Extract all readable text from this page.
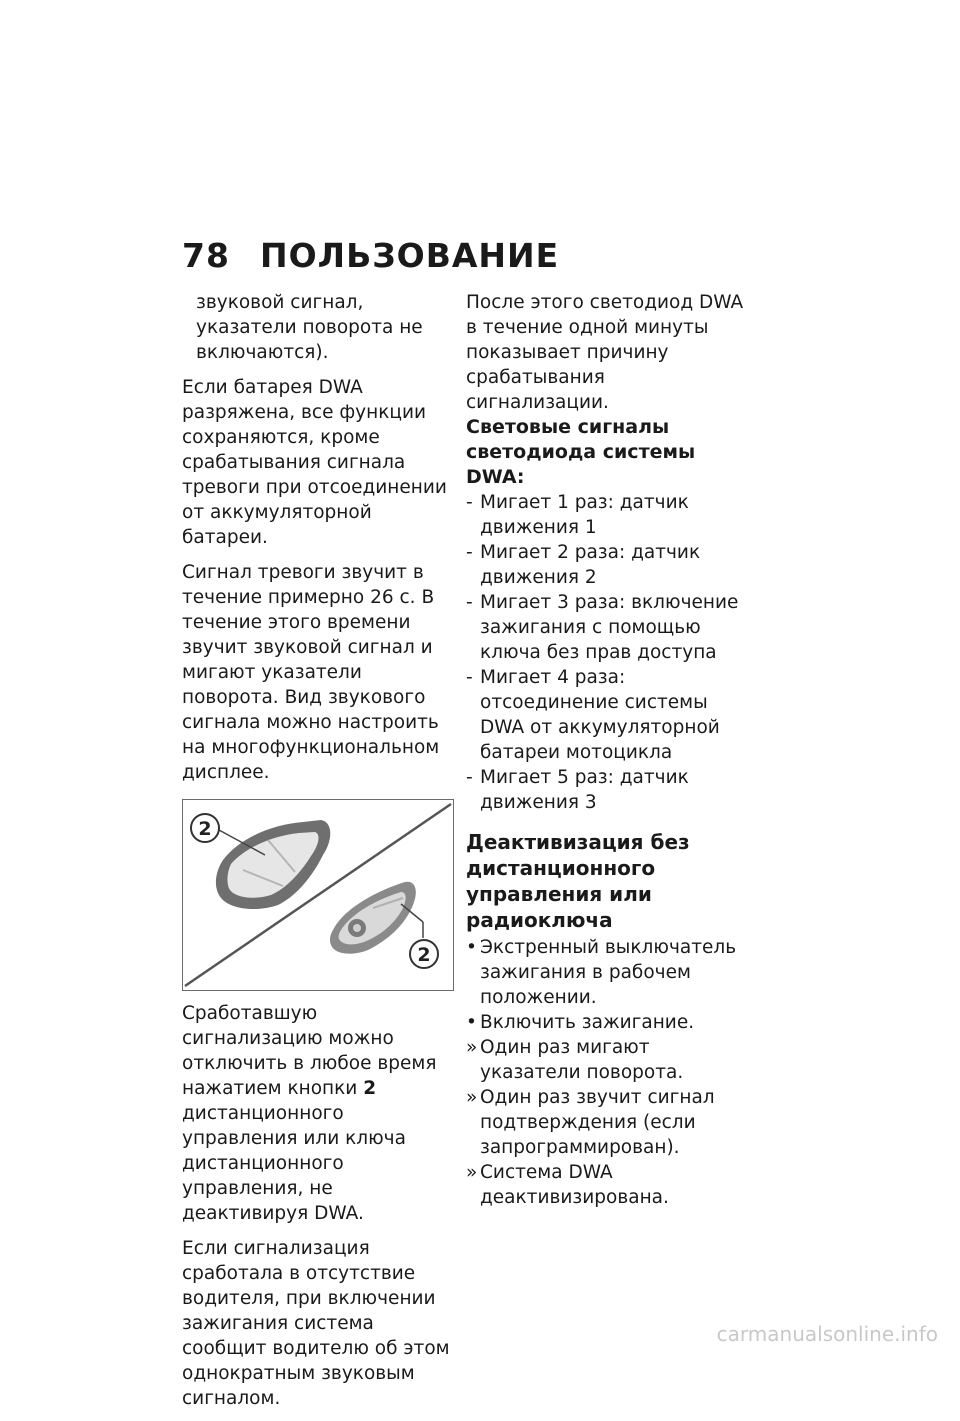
78 ПОЛЬЗОВАНИЕ

звуковой сигнал, указатели поворота не включаются).

Если батарея DWA разряжена, все функции сохраняются, кроме срабатывания сигнала тревоги при отсоединении от аккумуляторной батареи.

Сигнал тревоги звучит в течение примерно 26 с. В течение этого времени звучит звуковой сигнал и мигают указатели поворота. Вид звукового сигнала можно настроить на многофункциональном дисплее.

2
2

Сработавшую сигнализацию можно отключить в любое время нажатием кнопки 2 дистанционного управления или ключа дистанционного управления, не деактивируя DWA.

Если сигнализация сработала в отсутствие водителя, при включении зажигания система сообщит водителю об этом однократным звуковым сигналом.

После этого светодиод DWA в течение одной минуты показывает причину срабатывания сигнализации.

Световые сигналы светодиода системы DWA:
- Мигает 1 раз: датчик движения 1
- Мигает 2 раза: датчик движения 2
- Мигает 3 раза: включение зажигания с помощью ключа без прав доступа
- Мигает 4 раза: отсоединение системы DWA от аккумуляторной батареи мотоцикла
- Мигает 5 раз: датчик движения 3
Деактивизация без дистанционного управления или радиоключа
• Экстренный выключатель зажигания в рабочем положении.
• Включить зажигание.
» Один раз мигают указатели поворота.
» Один раз звучит сигнал подтверждения (если запрограммирован).
» Система DWA деактивизирована.
carmanualsonline.info
